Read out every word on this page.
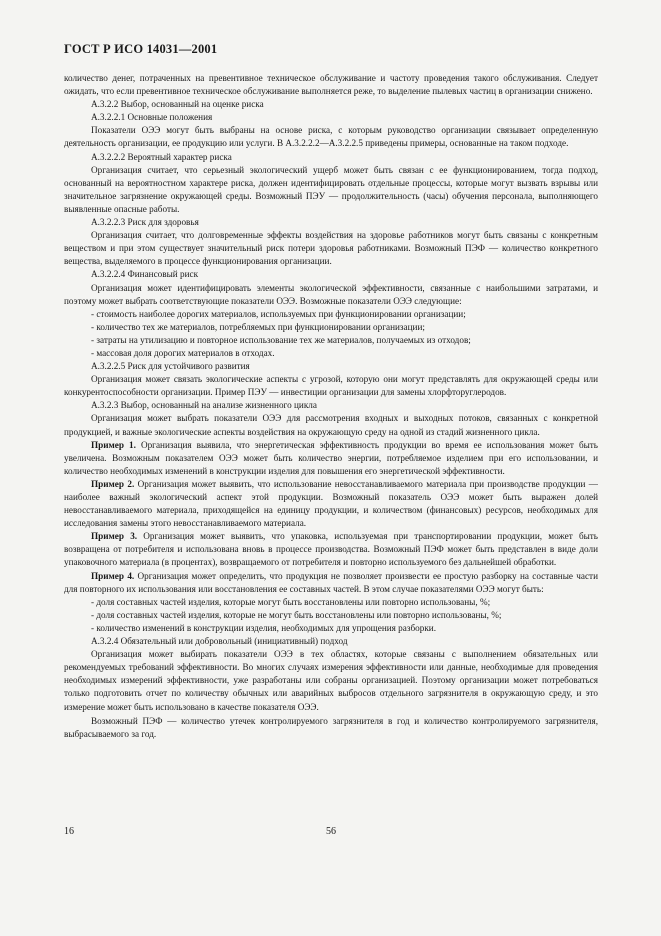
ГОСТ Р ИСО 14031—2001

количество денег, потраченных на превентивное техническое обслуживание и частоту проведения такого обслуживания. Следует ожидать, что если превентивное техническое обслуживание выполняется реже, то выделение пылевых частиц в организации снижено.

А.3.2.2 Выбор, основанный на оценке риска

А.3.2.2.1 Основные положения

Показатели ОЭЭ могут быть выбраны на основе риска, с которым руководство организации связывает определенную деятельность организации, ее продукцию или услуги. В А.3.2.2.2—А.3.2.2.5 приведены примеры, основанные на таком подходе.

А.3.2.2.2 Вероятный характер риска

Организация считает, что серьезный экологический ущерб может быть связан с ее функционированием, тогда подход, основанный на вероятностном характере риска, должен идентифицировать отдельные процессы, которые могут вызвать взрывы или значительное загрязнение окружающей среды. Возможный ПЭУ — продолжительность (часы) обучения персонала, выполняющего выявленные опасные работы.

А.3.2.2.3 Риск для здоровья

Организация считает, что долговременные эффекты воздействия на здоровье работников могут быть связаны с конкретным веществом и при этом существует значительный риск потери здоровья работниками. Возможный ПЭФ — количество конкретного вещества, выделяемого в процессе функционирования организации.

А.3.2.2.4 Финансовый риск

Организация может идентифицировать элементы экологической эффективности, связанные с наибольшими затратами, и поэтому может выбрать соответствующие показатели ОЭЭ. Возможные показатели ОЭЭ следующие:

- стоимость наиболее дорогих материалов, используемых при функционировании организации;

- количество тех же материалов, потребляемых при функционировании организации;

- затраты на утилизацию и повторное использование тех же материалов, получаемых из отходов;

- массовая доля дорогих материалов в отходах.

А.3.2.2.5 Риск для устойчивого развития

Организация может связать экологические аспекты с угрозой, которую они могут представлять для окружающей среды или конкурентоспособности организации. Пример ПЭУ — инвестиции организации для замены хлорфторуглеродов.

А.3.2.3 Выбор, основанный на анализе жизненного цикла

Организация может выбрать показатели ОЭЭ для рассмотрения входных и выходных потоков, связанных с конкретной продукцией, и важные экологические аспекты воздействия на окружающую среду на одной из стадий жизненного цикла.

Пример 1. Организация выявила, что энергетическая эффективность продукции во время ее использования может быть увеличена. Возможным показателем ОЭЭ может быть количество энергии, потребляемое изделием при его использовании, и количество необходимых изменений в конструкции изделия для повышения его энергетической эффективности.

Пример 2. Организация может выявить, что использование невосстанавливаемого материала при производстве продукции — наиболее важный экологический аспект этой продукции. Возможный показатель ОЭЭ может быть выражен долей невосстанавливаемого материала, приходящейся на единицу продукции, и количеством (финансовых) ресурсов, необходимых для исследования замены этого невосстанавливаемого материала.

Пример 3. Организация может выявить, что упаковка, используемая при транспортировании продукции, может быть возвращена от потребителя и использована вновь в процессе производства. Возможный ПЭФ может быть представлен в виде доли упаковочного материала (в процентах), возвращаемого от потребителя и повторно используемого без дальнейшей обработки.

Пример 4. Организация может определить, что продукция не позволяет произвести ее простую разборку на составные части для повторного их использования или восстановления ее составных частей. В этом случае показателями ОЭЭ могут быть:

- доля составных частей изделия, которые могут быть восстановлены или повторно использованы, %;

- доля составных частей изделия, которые не могут быть восстановлены или повторно использованы, %;

- количество изменений в конструкции изделия, необходимых для упрощения разборки.

А.3.2.4 Обязательный или добровольный (инициативный) подход

Организация может выбирать показатели ОЭЭ в тех областях, которые связаны с выполнением обязательных или рекомендуемых требований эффективности. Во многих случаях измерения эффективности или данные, необходимые для проведения необходимых измерений эффективности, уже разработаны или собраны организацией. Поэтому организации может потребоваться только подготовить отчет по количеству обычных или аварийных выбросов отдельного загрязнителя в окружающую среду, и это измерение может быть использовано в качестве показателя ОЭЭ.

Возможный ПЭФ — количество утечек контролируемого загрязнителя в год и количество контролируемого загрязнителя, выбрасываемого за год.

16	56
